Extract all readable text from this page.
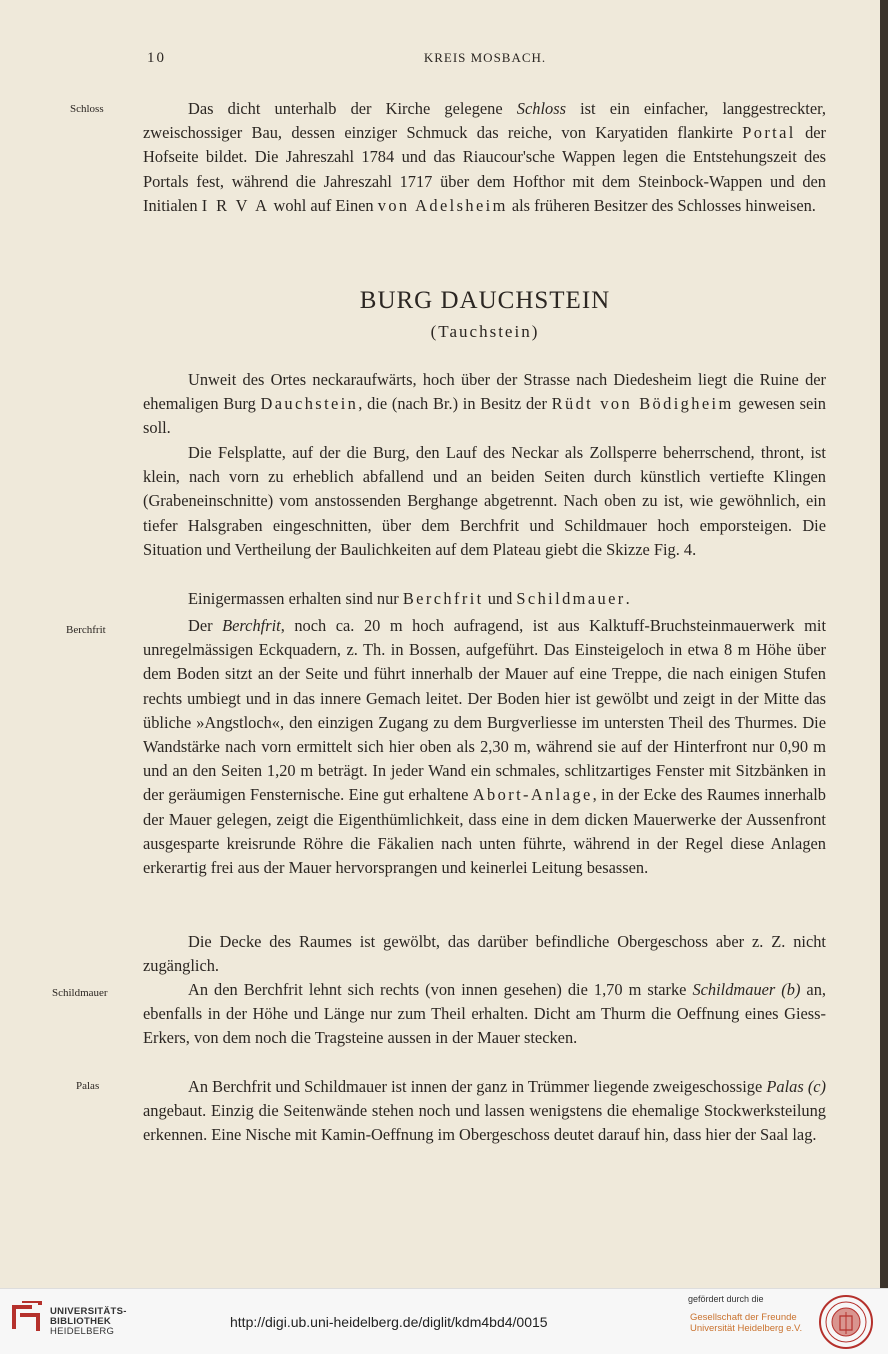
10	KREIS MOSBACH.
Schloss
Berchfrit
Schildmauer
Palas

Das dicht unterhalb der Kirche gelegene Schloss ist ein einfacher, langgestreckter, zweischossiger Bau, dessen einziger Schmuck das reiche, von Karyatiden flankirte Portal der Hofseite bildet. Die Jahreszahl 1784 und das Riaucour'sche Wappen legen die Entstehungszeit des Portals fest, während die Jahreszahl 1717 über dem Hofthor mit dem Steinbock-Wappen und den Initialen I R V A wohl auf Einen von Adelsheim als früheren Besitzer des Schlosses hinweisen.

BURG DAUCHSTEIN
(Tauchstein)

Unweit des Ortes neckaraufwärts, hoch über der Strasse nach Diedesheim liegt die Ruine der ehemaligen Burg Dauchstein, die (nach Br.) in Besitz der Rüdt von Bödigheim gewesen sein soll.

Die Felsplatte, auf der die Burg, den Lauf des Neckar als Zollsperre beherrschend, thront, ist klein, nach vorn zu erheblich abfallend und an beiden Seiten durch künstlich vertiefte Klingen (Grabeneinschnitte) vom anstossenden Berghange abgetrennt. Nach oben zu ist, wie gewöhnlich, ein tiefer Halsgraben eingeschnitten, über dem Berchfrit und Schildmauer hoch emporsteigen. Die Situation und Vertheilung der Baulichkeiten auf dem Plateau giebt die Skizze Fig. 4.

Einigermassen erhalten sind nur Berchfrit und Schildmauer.

Der Berchfrit, noch ca. 20 m hoch aufragend, ist aus Kalktuff-Bruchsteinmauerwerk mit unregelmässigen Eckquadern, z. Th. in Bossen, aufgeführt. Das Einsteigeloch in etwa 8 m Höhe über dem Boden sitzt an der Seite und führt innerhalb der Mauer auf eine Treppe, die nach einigen Stufen rechts umbiegt und in das innere Gemach leitet. Der Boden hier ist gewölbt und zeigt in der Mitte das übliche »Angstloch«, den einzigen Zugang zu dem Burgverliesse im untersten Theil des Thurmes. Die Wandstärke nach vorn ermittelt sich hier oben als 2,30 m, während sie auf der Hinterfront nur 0,90 m und an den Seiten 1,20 m beträgt. In jeder Wand ein schmales, schlitzartiges Fenster mit Sitzbänken in der geräumigen Fensternische. Eine gut erhaltene Abort-Anlage, in der Ecke des Raumes innerhalb der Mauer gelegen, zeigt die Eigenthümlichkeit, dass eine in dem dicken Mauerwerke der Aussenfront ausgesparte kreisrunde Röhre die Fäkalien nach unten führte, während in der Regel diese Anlagen erkerartig frei aus der Mauer hervorsprangen und keinerlei Leitung besassen.

Die Decke des Raumes ist gewölbt, das darüber befindliche Obergeschoss aber z. Z. nicht zugänglich.

An den Berchfrit lehnt sich rechts (von innen gesehen) die 1,70 m starke Schildmauer (b) an, ebenfalls in der Höhe und Länge nur zum Theil erhalten. Dicht am Thurm die Oeffnung eines Giess-Erkers, von dem noch die Tragsteine aussen in der Mauer stecken.

An Berchfrit und Schildmauer ist innen der ganz in Trümmer liegende zweigeschossige Palas (c) angebaut. Einzig die Seitenwände stehen noch und lassen wenigstens die ehemalige Stockwerksteilung erkennen. Eine Nische mit Kamin-Oeffnung im Obergeschoss deutet darauf hin, dass hier der Saal lag.

UNIVERSITÄTS-
BIBLIOTHEK
HEIDELBERG
http://digi.ub.uni-heidelberg.de/diglit/kdm4bd4/0015
gefördert durch die
Gesellschaft der Freunde
Universität Heidelberg e.V.
